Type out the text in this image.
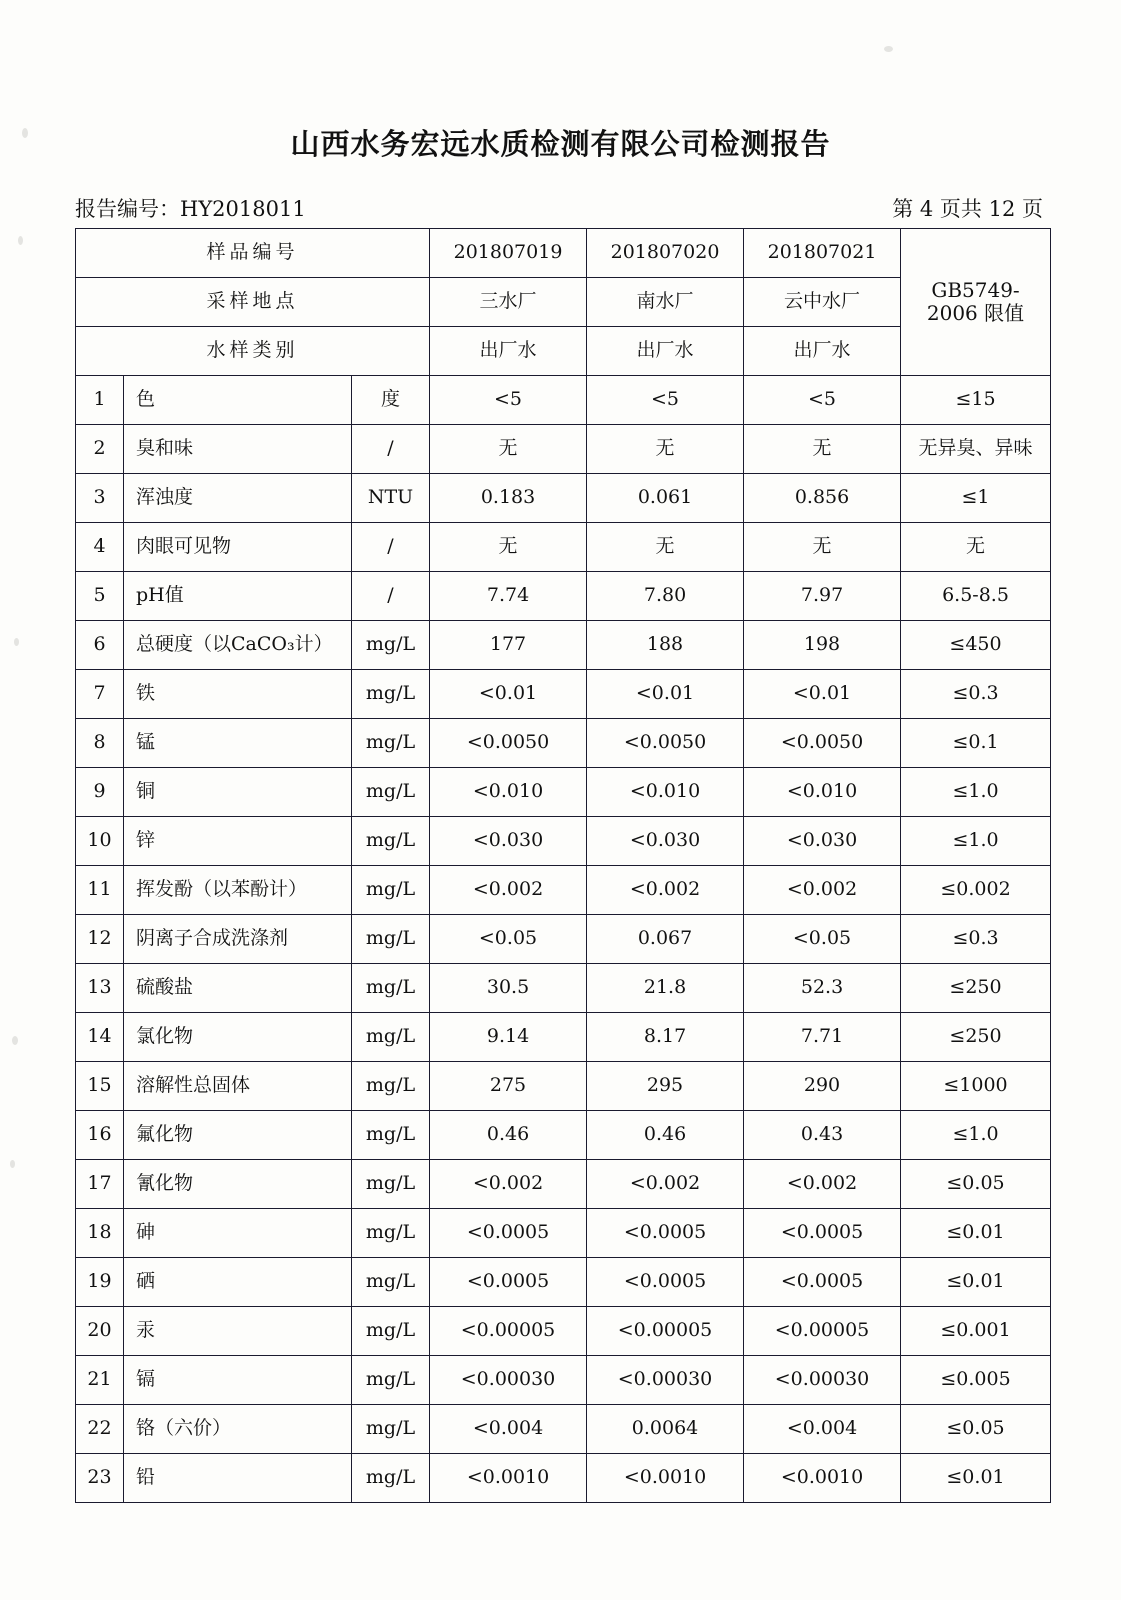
山西水务宏远水质检测有限公司检测报告
报告编号：HY2018011	第 4 页共 12 页
样品编号			201807019	201807020	201807021	GB5749-
2006 限值

采样地点			三水厂	南水厂	云中水厂	
水样类别			出厂水	出厂水	出厂水	
1	色	度	<5	<5	<5	≤15
2	臭和味	/	无	无	无	无异臭、异味
3	浑浊度	NTU	0.183	0.061	0.856	≤1
4	肉眼可见物	/	无	无	无	无
5	pH值	/	7.74	7.80	7.97	6.5-8.5
6	总硬度（以CaCO₃计）	mg/L	177	188	198	≤450
7	铁	mg/L	<0.01	<0.01	<0.01	≤0.3
8	锰	mg/L	<0.0050	<0.0050	<0.0050	≤0.1
9	铜	mg/L	<0.010	<0.010	<0.010	≤1.0
10	锌	mg/L	<0.030	<0.030	<0.030	≤1.0
11	挥发酚（以苯酚计）	mg/L	<0.002	<0.002	<0.002	≤0.002
12	阴离子合成洗涤剂	mg/L	<0.05	0.067	<0.05	≤0.3
13	硫酸盐	mg/L	30.5	21.8	52.3	≤250
14	氯化物	mg/L	9.14	8.17	7.71	≤250
15	溶解性总固体	mg/L	275	295	290	≤1000
16	氟化物	mg/L	0.46	0.46	0.43	≤1.0
17	氰化物	mg/L	<0.002	<0.002	<0.002	≤0.05
18	砷	mg/L	<0.0005	<0.0005	<0.0005	≤0.01
19	硒	mg/L	<0.0005	<0.0005	<0.0005	≤0.01
20	汞	mg/L	<0.00005	<0.00005	<0.00005	≤0.001
21	镉	mg/L	<0.00030	<0.00030	<0.00030	≤0.005
22	铬（六价）	mg/L	<0.004	0.0064	<0.004	≤0.05
23	铅	mg/L	<0.0010	<0.0010	<0.0010	≤0.01
